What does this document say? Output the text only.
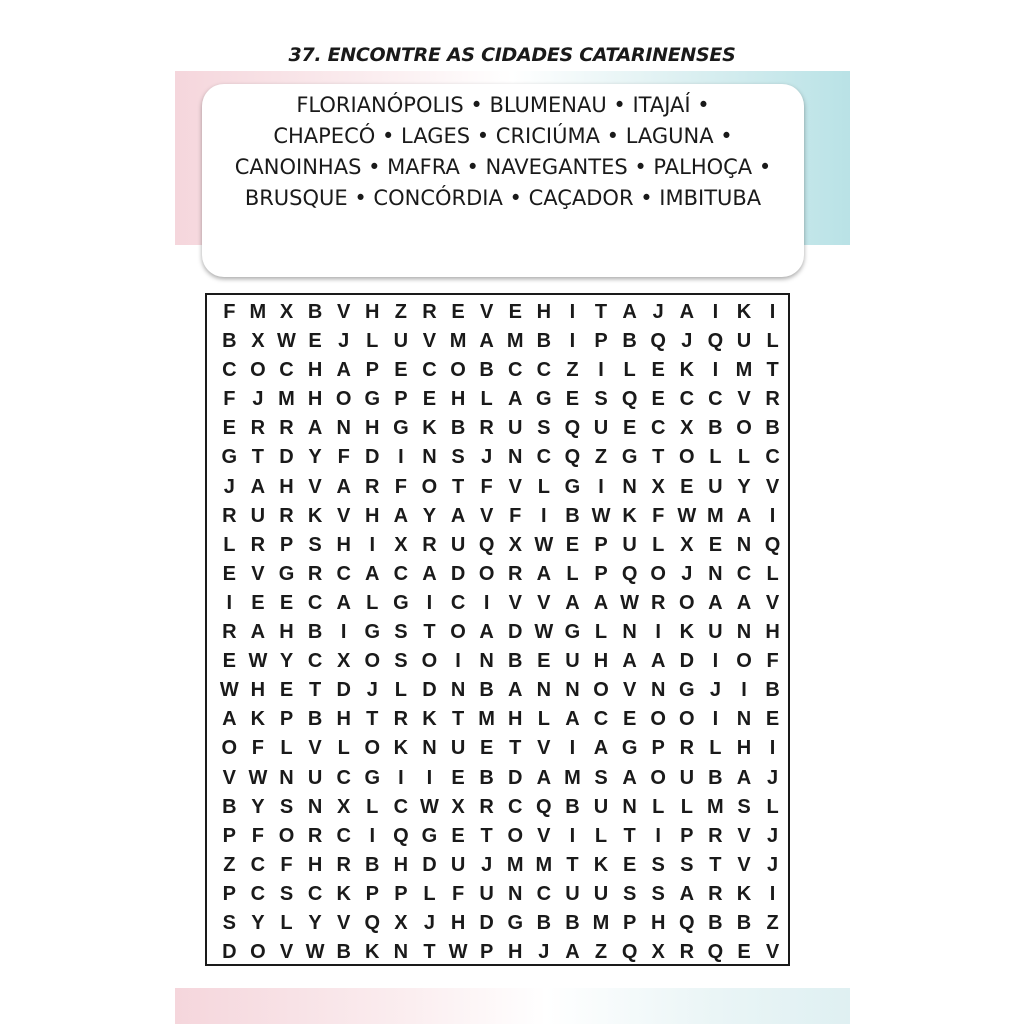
37. ENCONTRE AS CIDADES CATARINENSES
FLORIANÓPOLIS • BLUMENAU • ITAJAÍ •
CHAPECÓ • LAGES • CRICIÚMA • LAGUNA •
CANOINHAS • MAFRA • NAVEGANTES • PALHOÇA •
BRUSQUE • CONCÓRDIA • CAÇADOR • IMBITUBA
F M X B V H Z R E V E H I T A J A I K I
B X W E J L U V M A M B I P B Q J Q U L
C O C H A P E C O B C C Z I L E K I M T
F J M H O G P E H L A G E S Q E C C V R
E R R A N H G K B R U S Q U E C X B O B
G T D Y F D I N S J N C Q Z G T O L L C
J A H V A R F O T F V L G I N X E U Y V
R U R K V H A Y A V F I B W K F W M A I
L R P S H I X R U Q X W E P U L X E N Q
E V G R C A C A D O R A L P Q O J N C L
I E E C A L G I C I V V A A W R O A A V
R A H B I G S T O A D W G L N I K U N H
E W Y C X O S O I N B E U H A A D I O F
W H E T D J L D N B A N N O V N G J	I B
A K P B H T R K T M H L A C E O O I N E
O F L V L O K N U E T V I A G P R L H I
V W N U C G I	I E B D A M S A O U B A J
B Y S N X L C W X R C Q B U N L L M S L
P F O R C I Q G E T O V I L T I P R V J
Z C F H R B H D U J M M T K E S S T V J
P C S C K P P L F U N C U U S S A R K I
S Y L Y V Q X J H D G B B M P H Q B B Z
D O V W B K N T W P H J A Z Q X R Q E V
